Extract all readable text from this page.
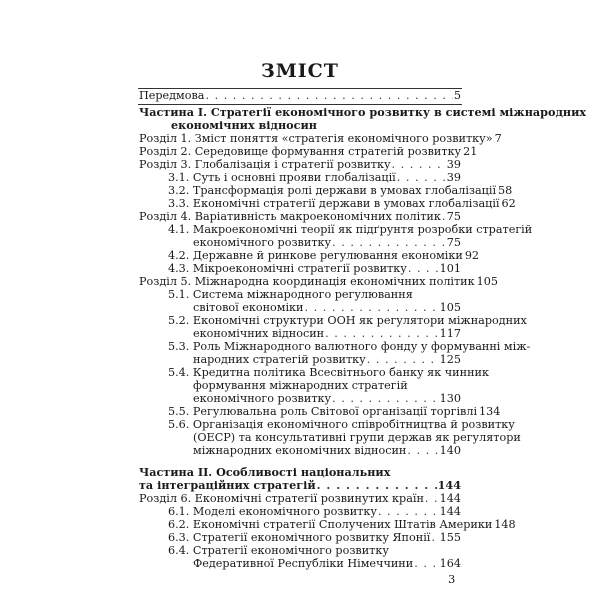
ЗМІСТ
Передмова . . .	5
Частина І. Стратегії економічного розвитку в системі міжнародних
економічних відносин
Розділ 1. Зміст поняття «стратегія економічного розвитку» 7
Розділ 2. Середовище формування стратегій розвитку 21
Розділ 3. Глобалізація і стратегії розвитку . . .	39
3.1. Суть і основні прояви глобалізації . . .	39
3.2. Трансформація ролі держави в умовах глобалізації 58
3.3. Економічні стратегії держави в умовах глобалізації 62
Розділ 4. Варіативність макроекономічних політик . . . 75
4.1. Макроекономічні теорії як підґрунтя розробки стратегій
економічного розвитку . . .	75
4.2. Державне й ринкове регулювання економіки 92
4.3. Мікроекономічні стратегії розвитку . . .	101
Розділ 5. Міжнародна координація економічних політик 105
5.1. Система міжнародного регулювання
світової економіки . . .	105
5.2. Економічні структури ООН як регулятори міжнародних
економічних відносин . . .	117
5.3. Роль Міжнародного валютного фонду у формуванні між-
народних стратегій розвитку . . .	125
5.4. Кредитна політика Всесвітнього банку як чинник
формування міжнародних стратегій
економічного розвитку . . .	130
5.5. Регулювальна роль Світової організації торгівлі 134
5.6. Організація економічного співробітництва й розвитку
(ОЕСР) та консультативні групи держав як регулятори
міжнародних економічних відносин . . .	140
Частина ІІ. Особливості національних
та інтеграційних стратегій . . .	144
Розділ 6. Економічні стратегії розвинутих країн . . . 144
6.1. Моделі економічного розвитку . . .	144
6.2. Економічні стратегії Сполучених Штатів Америки 148
6.3. Стратегії економічного розвитку Японії . . . 155
6.4. Стратегії економічного розвитку
Федеративної Республіки Німеччини . . . 164
3
